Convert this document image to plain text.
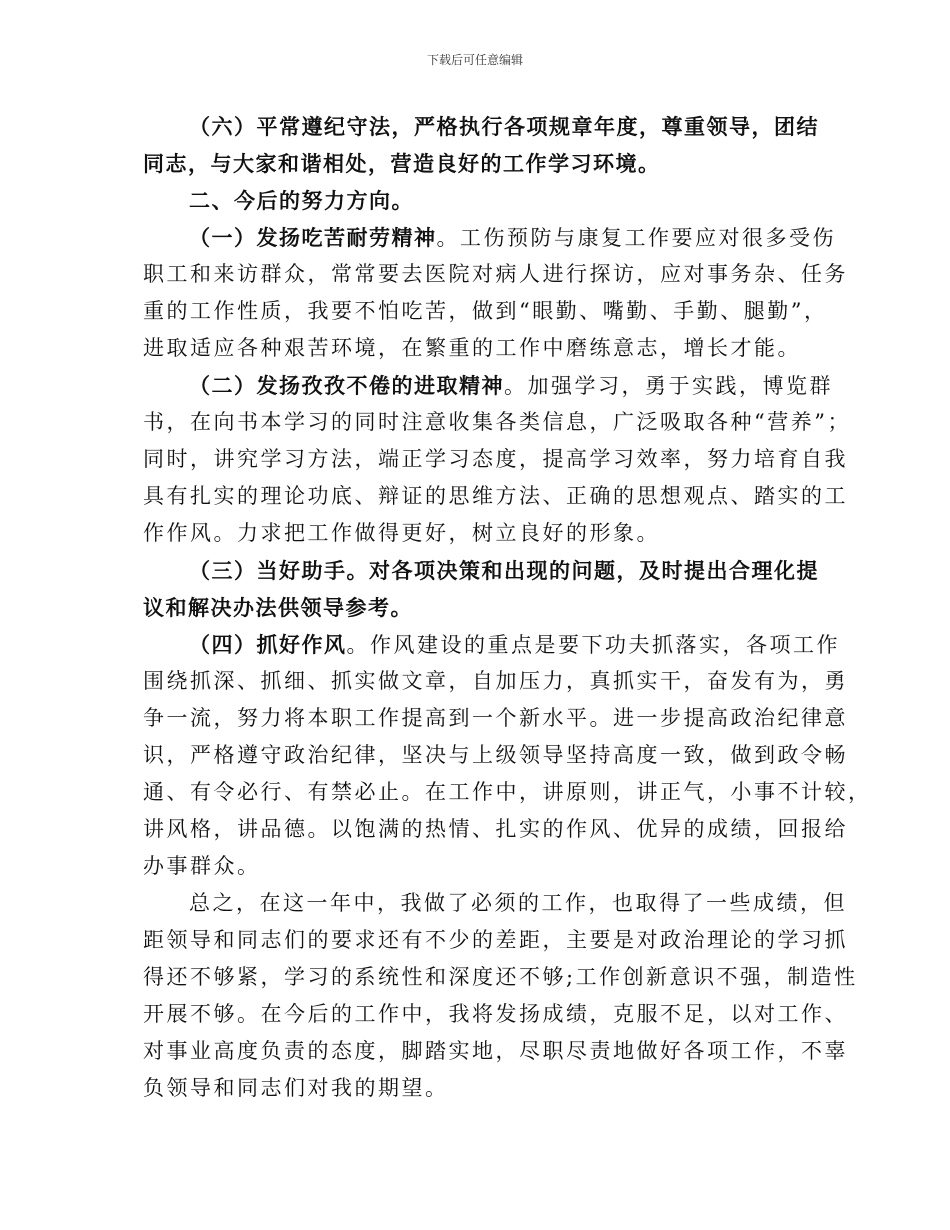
下载后可任意编辑
（六）平常遵纪守法，严格执行各项规章年度，尊重领导，团结
同志，与大家和谐相处，营造良好的工作学习环境。
二、今后的努力方向。
（一）发扬吃苦耐劳精神。工伤预防与康复工作要应对很多受伤
职工和来访群众，常常要去医院对病人进行探访，应对事务杂、任务
重的工作性质，我要不怕吃苦，做到“眼勤、嘴勤、手勤、腿勤”，
进取适应各种艰苦环境，在繁重的工作中磨练意志，增长才能。
（二）发扬孜孜不倦的进取精神。加强学习，勇于实践，博览群
书，在向书本学习的同时注意收集各类信息，广泛吸取各种“营养”；
同时，讲究学习方法，端正学习态度，提高学习效率，努力培育自我
具有扎实的理论功底、辩证的思维方法、正确的思想观点、踏实的工
作作风。力求把工作做得更好，树立良好的形象。
（三）当好助手。对各项决策和出现的问题，及时提出合理化提
议和解决办法供领导参考。
（四）抓好作风。作风建设的重点是要下功夫抓落实，各项工作
围绕抓深、抓细、抓实做文章，自加压力，真抓实干，奋发有为，勇
争一流，努力将本职工作提高到一个新水平。进一步提高政治纪律意
识，严格遵守政治纪律，坚决与上级领导坚持高度一致，做到政令畅
通、有令必行、有禁必止。在工作中，讲原则，讲正气，小事不计较，
讲风格，讲品德。以饱满的热情、扎实的作风、优异的成绩，回报给
办事群众。
总之，在这一年中，我做了必须的工作，也取得了一些成绩，但
距领导和同志们的要求还有不少的差距，主要是对政治理论的学习抓
得还不够紧，学习的系统性和深度还不够;工作创新意识不强，制造性
开展不够。在今后的工作中，我将发扬成绩，克服不足，以对工作、
对事业高度负责的态度，脚踏实地，尽职尽责地做好各项工作，不辜
负领导和同志们对我的期望。
